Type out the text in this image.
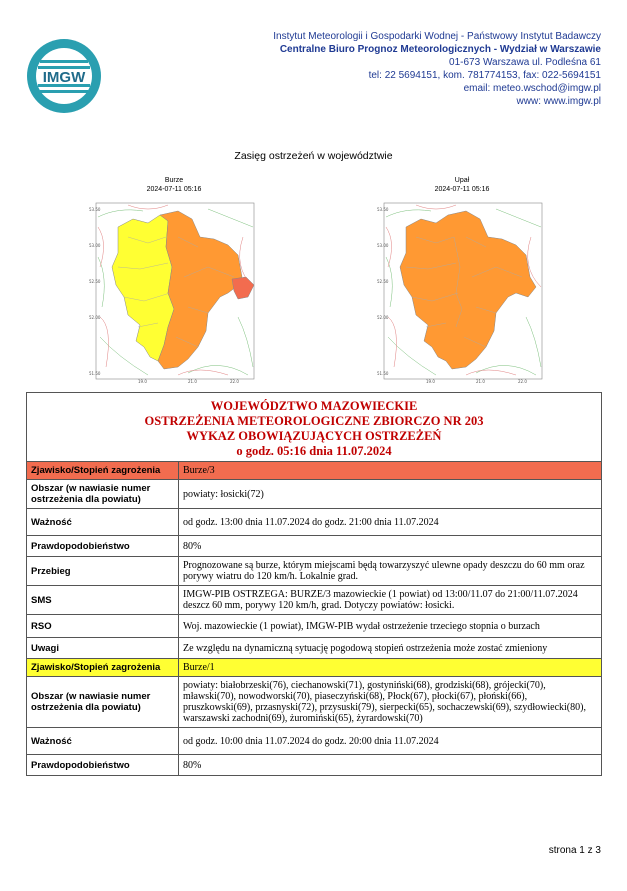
IMGW
Instytut Meteorologii i Gospodarki Wodnej - Państwowy Instytut Badawczy
Centralne Biuro Prognoz Meteorologicznych - Wydział w Warszawie
01-673 Warszawa ul. Podleśna 61
tel: 22 5694151, kom. 781774153, fax: 022-5694151
email: meteo.wschod@imgw.pl
www: www.imgw.pl
Zasięg ostrzeżeń w województwie
Burze
2024-07-11 05:16
Upał
2024-07-11 05:16
53.50
53.00
52.50
52.00
51.50
19.0	21.0	22.0
53.50
53.00
52.50
52.00
51.50
19.0	21.0	22.0
WOJEWÓDZTWO MAZOWIECKIE
OSTRZEŻENIA METEOROLOGICZNE ZBIORCZO NR 203
WYKAZ OBOWIĄZUJĄCYCH OSTRZEŻEŃ
o godz. 05:16 dnia 11.07.2024	

Zjawisko/Stopień zagrożenia	Burze/3
Obszar (w nawiasie numer ostrzeżenia dla powiatu)	powiaty: łosicki(72)
Ważność	od godz. 13:00 dnia 11.07.2024 do godz. 21:00 dnia 11.07.2024
Prawdopodobieństwo	80%
Przebieg	Prognozowane są burze, którym miejscami będą towarzyszyć ulewne opady deszczu do 60 mm oraz porywy wiatru do 120 km/h. Lokalnie grad.
SMS	IMGW-PIB OSTRZEGA: BURZE/3 mazowieckie (1 powiat) od 13:00/11.07 do 21:00/11.07.2024 deszcz 60 mm, porywy 120 km/h, grad. Dotyczy powiatów: łosicki.
RSO	Woj. mazowieckie (1 powiat), IMGW-PIB wydał ostrzeżenie trzeciego stopnia o burzach
Uwagi	Ze względu na dynamiczną sytuację pogodową stopień ostrzeżenia może zostać zmieniony
Zjawisko/Stopień zagrożenia	Burze/1
Obszar (w nawiasie numer ostrzeżenia dla powiatu)	powiaty: białobrzeski(76), ciechanowski(71), gostyniński(68), grodziski(68), grójecki(70), mławski(70), nowodworski(70), piaseczyński(68), Płock(67), płocki(67), płoński(66), pruszkowski(69), przasnyski(72), przysuski(79), sierpecki(65), sochaczewski(69), szydłowiecki(80), warszawski zachodni(69), żuromiński(65), żyrardowski(70)
Ważność	od godz. 10:00 dnia 11.07.2024 do godz. 20:00 dnia 11.07.2024
Prawdopodobieństwo	80%
strona 1 z 3
